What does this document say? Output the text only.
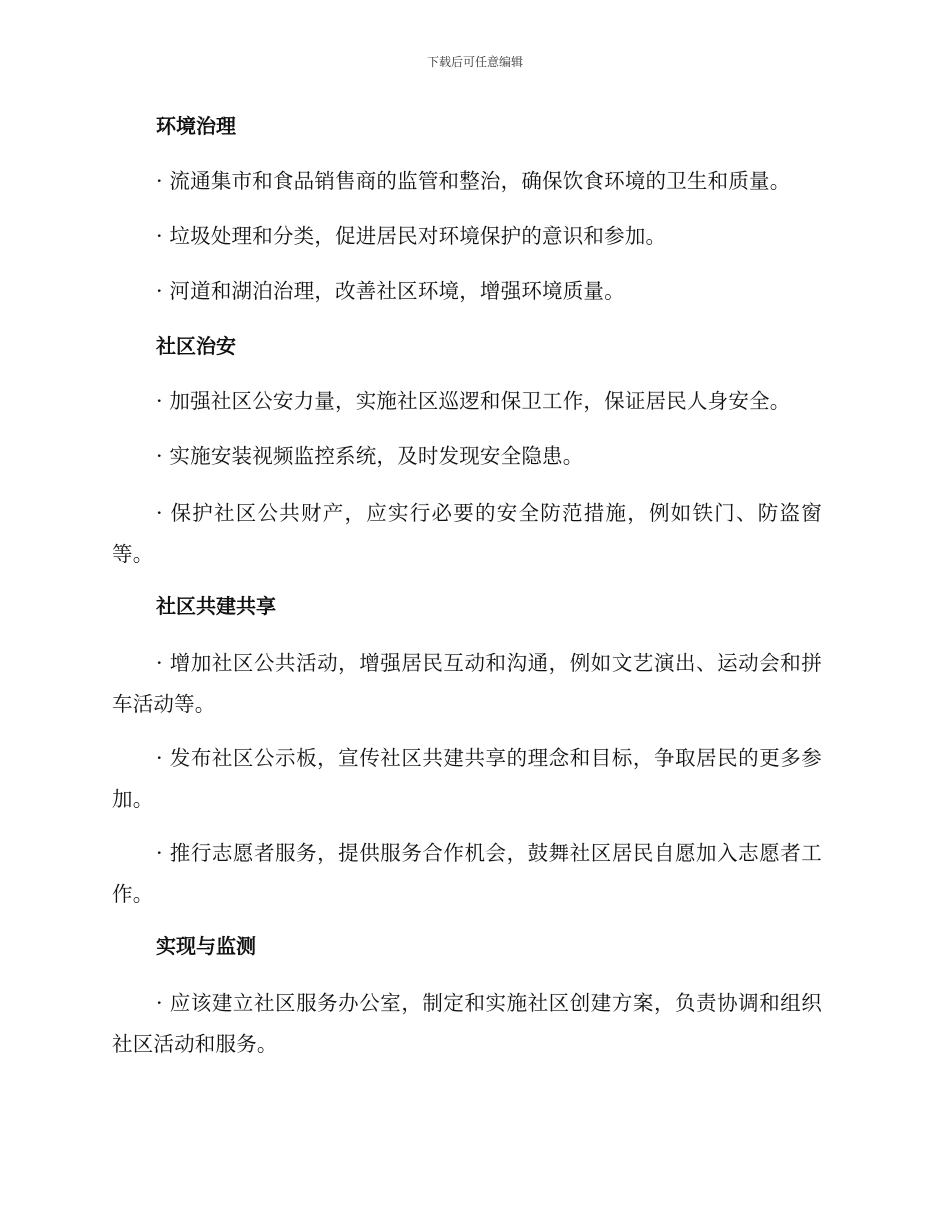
下载后可任意编辑
环境治理
· 流通集市和食品销售商的监管和整治，确保饮食环境的卫生和质量。
· 垃圾处理和分类，促进居民对环境保护的意识和参加。
· 河道和湖泊治理，改善社区环境，增强环境质量。
社区治安
· 加强社区公安力量，实施社区巡逻和保卫工作，保证居民人身安全。
· 实施安装视频监控系统，及时发现安全隐患。
· 保护社区公共财产，应实行必要的安全防范措施，例如铁门、防盗窗等。
社区共建共享
· 增加社区公共活动，增强居民互动和沟通，例如文艺演出、运动会和拼车活动等。
· 发布社区公示板，宣传社区共建共享的理念和目标，争取居民的更多参加。
· 推行志愿者服务，提供服务合作机会，鼓舞社区居民自愿加入志愿者工作。
实现与监测
· 应该建立社区服务办公室，制定和实施社区创建方案，负责协调和组织社区活动和服务。
